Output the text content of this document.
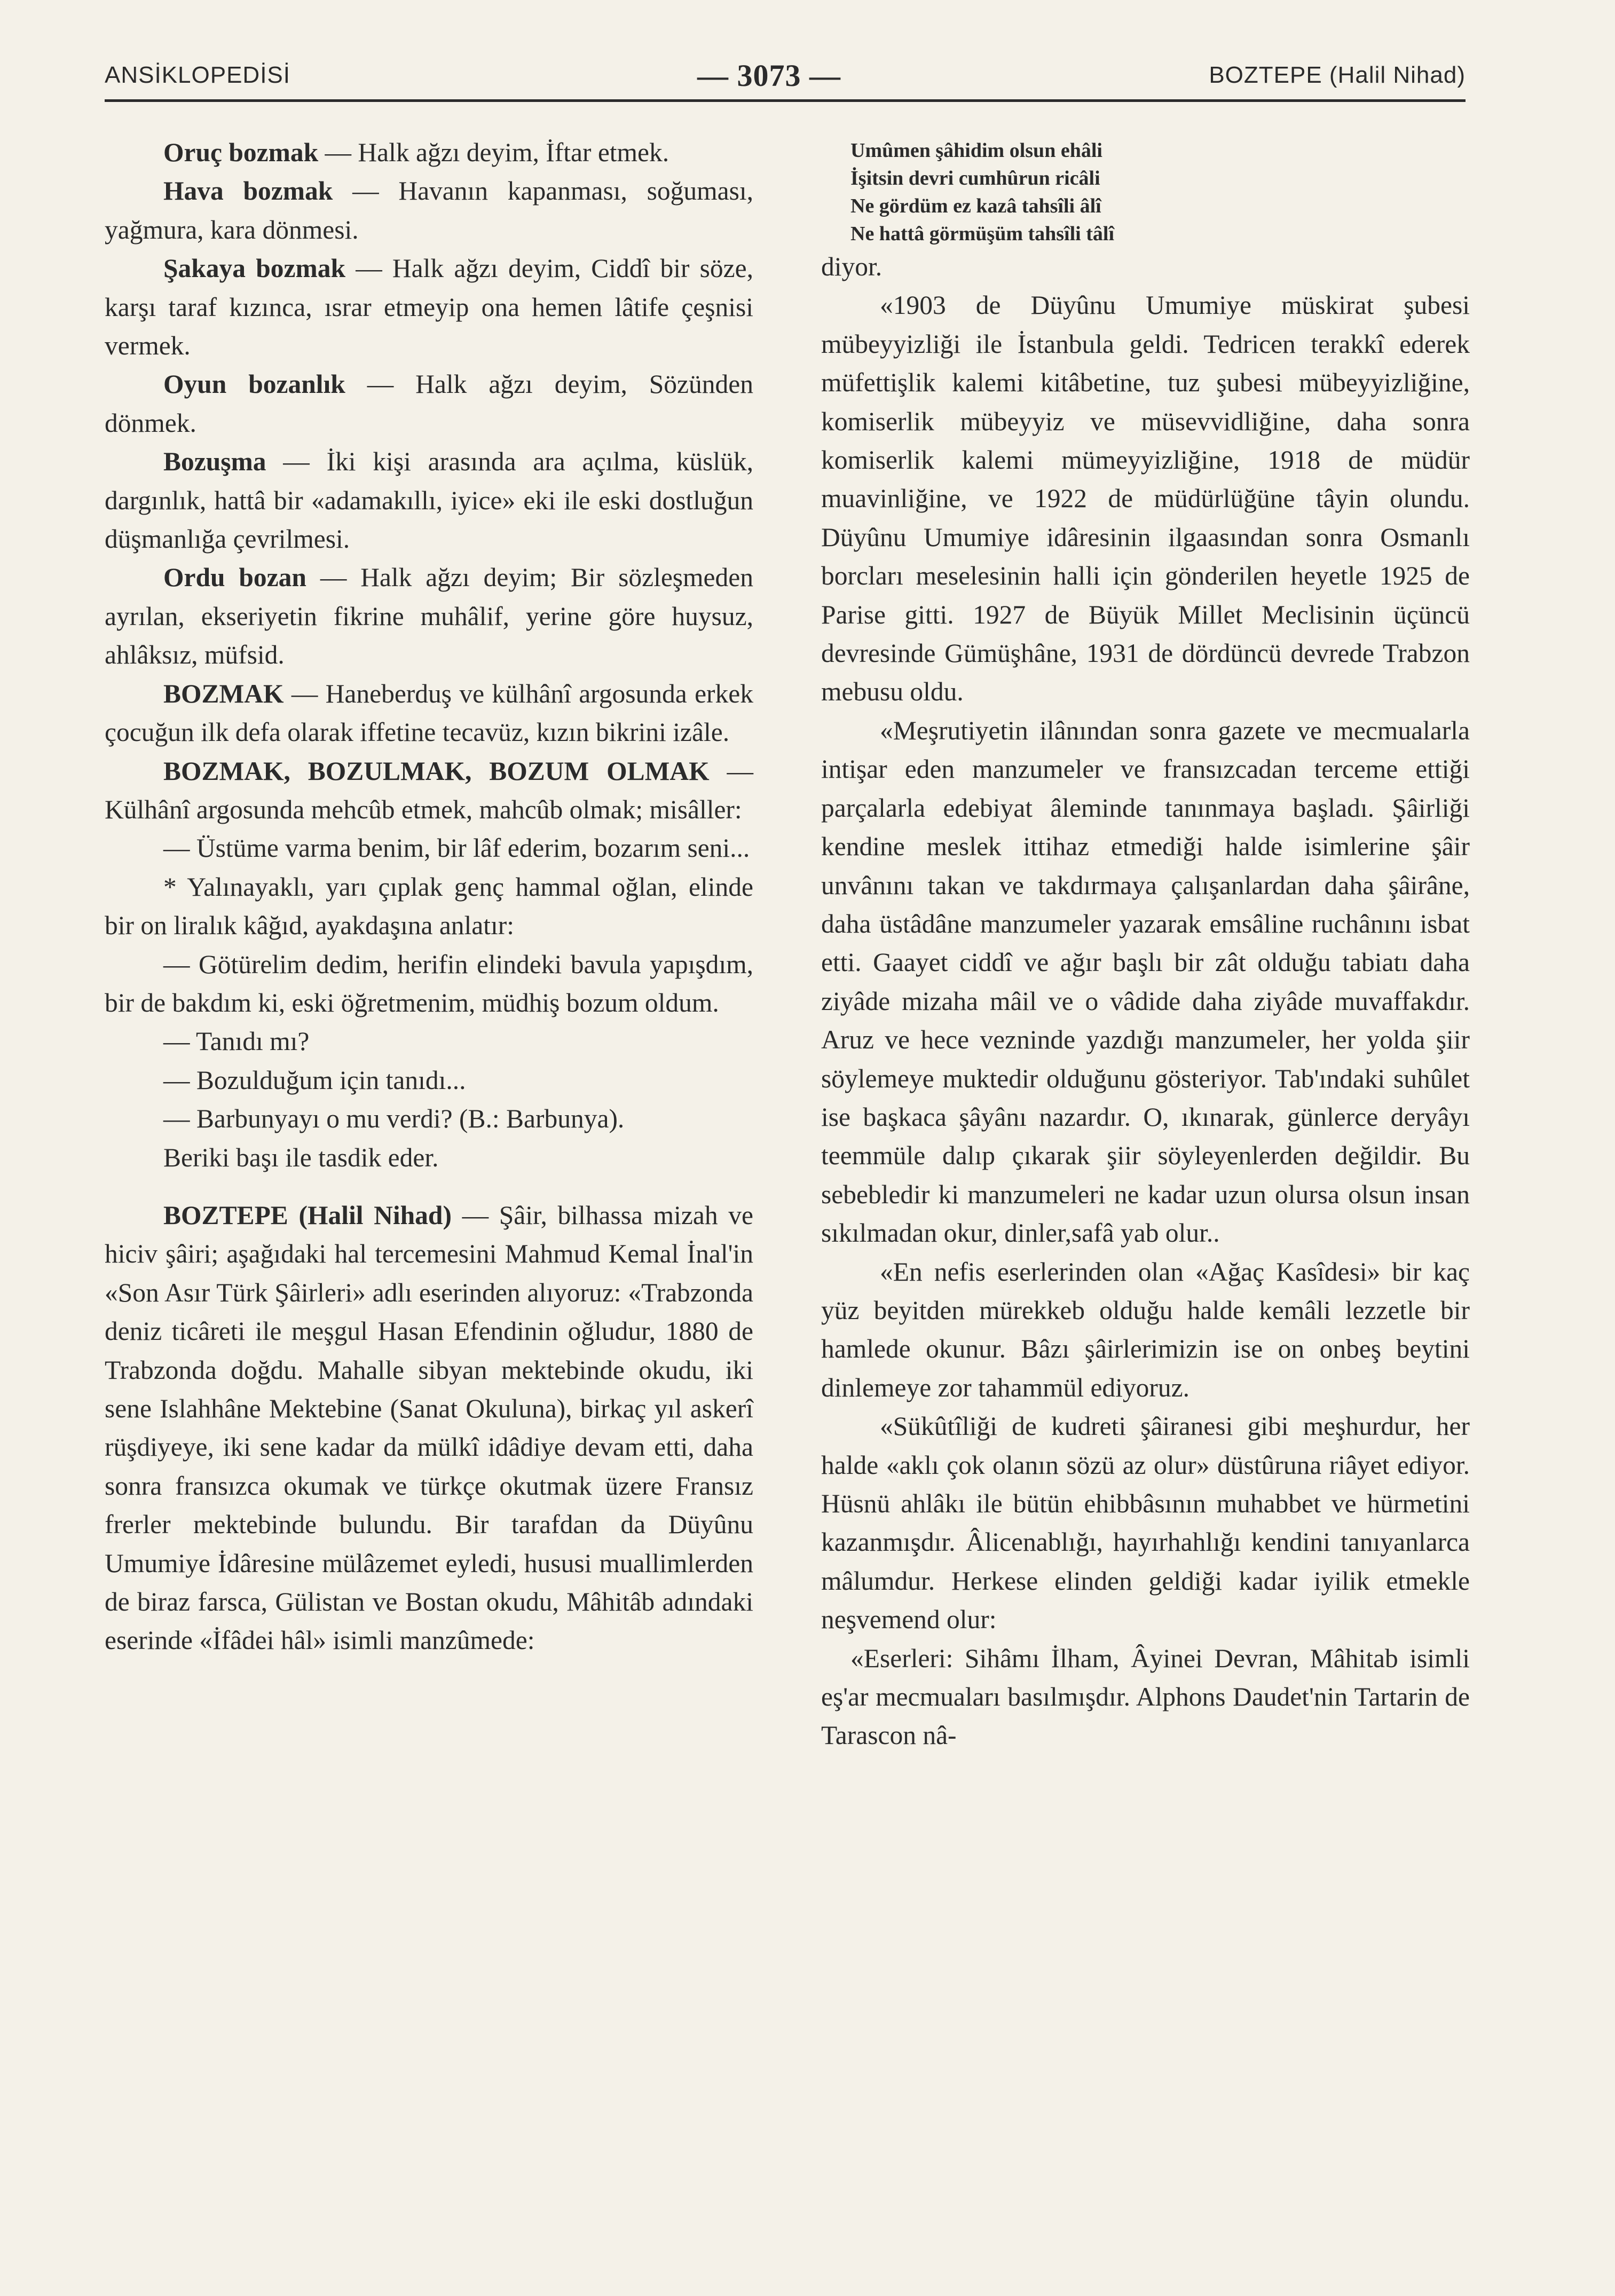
ANSİKLOPEDİSİ	— 3073 —	BOZTEPE (Halil Nihad)

Oruç bozmak — Halk ağzı deyim, İftar etmek.

Hava bozmak — Havanın kapanması, soğuması, yağmura, kara dönmesi.

Şakaya bozmak — Halk ağzı deyim, Ciddî bir söze, karşı taraf kızınca, ısrar etmeyip ona hemen lâtife çeşnisi vermek.

Oyun bozanlık — Halk ağzı deyim, Sözünden dönmek.

Bozuşma — İki kişi arasında ara açılma, küslük, dargınlık, hattâ bir «adamakıllı, iyice» eki ile eski dostluğun düşmanlığa çevrilmesi.

Ordu bozan — Halk ağzı deyim; Bir sözleşmeden ayrılan, ekseriyetin fikrine muhâlif, yerine göre huysuz, ahlâksız, müfsid.

BOZMAK — Haneberduş ve külhânî argosunda erkek çocuğun ilk defa olarak iffetine tecavüz, kızın bikrini izâle.

BOZMAK, BOZULMAK, BOZUM OLMAK — Külhânî argosunda mehcûb etmek, mahcûb olmak; misâller:

— Üstüme varma benim, bir lâf ederim, bozarım seni...

* Yalınayaklı, yarı çıplak genç hammal oğlan, elinde bir on liralık kâğıd, ayakdaşına anlatır:

— Götürelim dedim, herifin elindeki bavula yapışdım, bir de bakdım ki, eski öğretmenim, müdhiş bozum oldum.

— Tanıdı mı?

— Bozulduğum için tanıdı...

— Barbunyayı o mu verdi? (B.: Barbunya).

Beriki başı ile tasdik eder.

BOZTEPE (Halil Nihad) — Şâir, bilhassa mizah ve hiciv şâiri; aşağıdaki hal tercemesini Mahmud Kemal İnal'in «Son Asır Türk Şâirleri» adlı eserinden alıyoruz: «Trabzonda deniz ticâreti ile meşgul Hasan Efendinin oğludur, 1880 de Trabzonda doğdu. Mahalle sibyan mektebinde okudu, iki sene Islahhâne Mektebine (Sanat Okuluna), birkaç yıl askerî rüşdiyeye, iki sene kadar da mülkî idâdiye devam etti, daha sonra fransızca okumak ve türkçe okutmak üzere Fransız frerler mektebinde bulundu. Bir tarafdan da Düyûnu Umumiye İdâresine mülâzemet eyledi, hususi muallimlerden de biraz farsca, Gülistan ve Bostan okudu, Mâhitâb adındaki eserinde «İfâdei hâl» isimli manzûmede:

Umûmen şâhidim olsun ehâli
İşitsin devri cumhûrun ricâli
Ne gördüm ez kazâ tahsîli âlî
Ne hattâ görmüşüm tahsîli tâlî

diyor.

«1903 de Düyûnu Umumiye müskirat şubesi mübeyyizliği ile İstanbula geldi. Tedricen terakkî ederek müfettişlik kalemi kitâbetine, tuz şubesi mübeyyizliğine, komiserlik mübeyyiz ve müsevvidliğine, daha sonra komiserlik kalemi mümeyyizliğine, 1918 de müdür muavinliğine, ve 1922 de müdürlüğüne tâyin olundu. Düyûnu Umumiye idâresinin ilgaasından sonra Osmanlı borcları meselesinin halli için gönderilen heyetle 1925 de Parise gitti. 1927 de Büyük Millet Meclisinin üçüncü devresinde Gümüşhâne, 1931 de dördüncü devrede Trabzon mebusu oldu.

«Meşrutiyetin ilânından sonra gazete ve mecmualarla intişar eden manzumeler ve fransızcadan terceme ettiği parçalarla edebiyat âleminde tanınmaya başladı. Şâirliği kendine meslek ittihaz etmediği halde isimlerine şâir unvânını takan ve takdırmaya çalışanlardan daha şâirâne, daha üstâdâne manzumeler yazarak emsâline ruchânını isbat etti. Gaayet ciddî ve ağır başlı bir zât olduğu tabiatı daha ziyâde mizaha mâil ve o vâdide daha ziyâde muvaffakdır. Aruz ve hece vezninde yazdığı manzumeler, her yolda şiir söylemeye muktedir olduğunu gösteriyor. Tab'ındaki suhûlet ise başkaca şâyânı nazardır. O, ıkınarak, günlerce deryâyı teemmüle dalıp çıkarak şiir söyleyenlerden değildir. Bu sebebledir ki manzumeleri ne kadar uzun olursa olsun insan sıkılmadan okur, dinler,safâ yab olur..

«En nefis eserlerinden olan «Ağaç Kasîdesi» bir kaç yüz beyitden mürekkeb olduğu halde kemâli lezzetle bir hamlede okunur. Bâzı şâirlerimizin ise on onbeş beytini dinlemeye zor tahammül ediyoruz.

«Sükûtîliği de kudreti şâiranesi gibi meşhurdur, her halde «aklı çok olanın sözü az olur» düstûruna riâyet ediyor. Hüsnü ahlâkı ile bütün ehibbâsının muhabbet ve hürmetini kazanmışdır. Âlicenablığı, hayırhahlığı kendini tanıyanlarca mâlumdur. Herkese elinden geldiği kadar iyilik etmekle neşvemend olur:

«Eserleri: Sihâmı İlham, Âyinei Devran, Mâhitab isimli eş'ar mecmuaları basılmışdır. Alphons Daudet'nin Tartarin de Tarascon nâ-
